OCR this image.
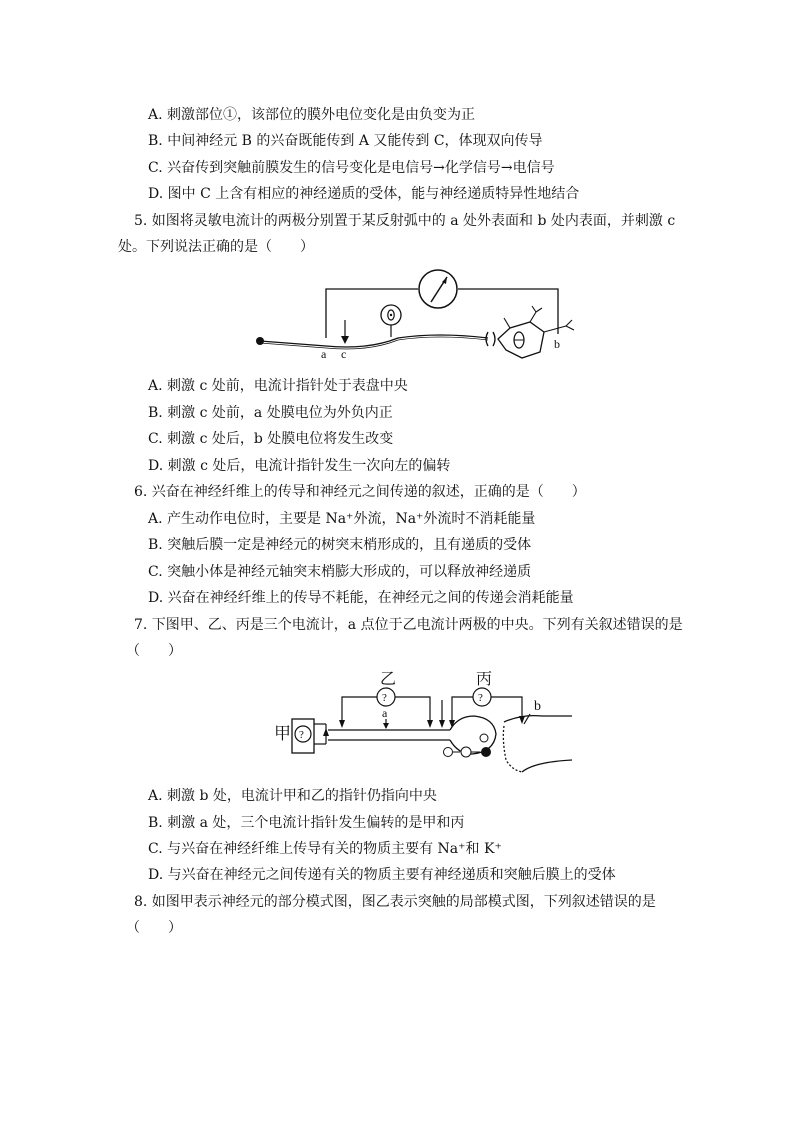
A. 刺激部位①，该部位的膜外电位变化是由负变为正
B. 中间神经元 B 的兴奋既能传到 A 又能传到 C，体现双向传导
C. 兴奋传到突触前膜发生的信号变化是电信号→化学信号→电信号
D. 图中 C 上含有相应的神经递质的受体，能与神经递质特异性地结合
5. 如图将灵敏电流计的两极分别置于某反射弧中的 a 处外表面和 b 处内表面，并刺激 c
处。下列说法正确的是（　　）
a c
b
A. 刺激 c 处前，电流计指针处于表盘中央
B. 刺激 c 处前，a 处膜电位为外负内正
C. 刺激 c 处后，b 处膜电位将发生改变
D. 刺激 c 处后，电流计指针发生一次向左的偏转
6. 兴奋在神经纤维上的传导和神经元之间传递的叙述，正确的是（　　）
A. 产生动作电位时，主要是 Na⁺外流，Na⁺外流时不消耗能量
B. 突触后膜一定是神经元的树突末梢形成的，且有递质的受体
C. 突触小体是神经元轴突末梢膨大形成的，可以释放神经递质
D. 兴奋在神经纤维上的传导不耗能，在神经元之间的传递会消耗能量
7. 下图甲、乙、丙是三个电流计，a 点位于乙电流计两极的中央。下列有关叙述错误的是
（　　）
甲 ?
乙
?
a
丙
?
b
A. 刺激 b 处，电流计甲和乙的指针仍指向中央
B. 刺激 a 处，三个电流计指针发生偏转的是甲和丙
C. 与兴奋在神经纤维上传导有关的物质主要有 Na⁺和 K⁺
D. 与兴奋在神经元之间传递有关的物质主要有神经递质和突触后膜上的受体
8. 如图甲表示神经元的部分模式图，图乙表示突触的局部模式图，下列叙述错误的是
（　　）
